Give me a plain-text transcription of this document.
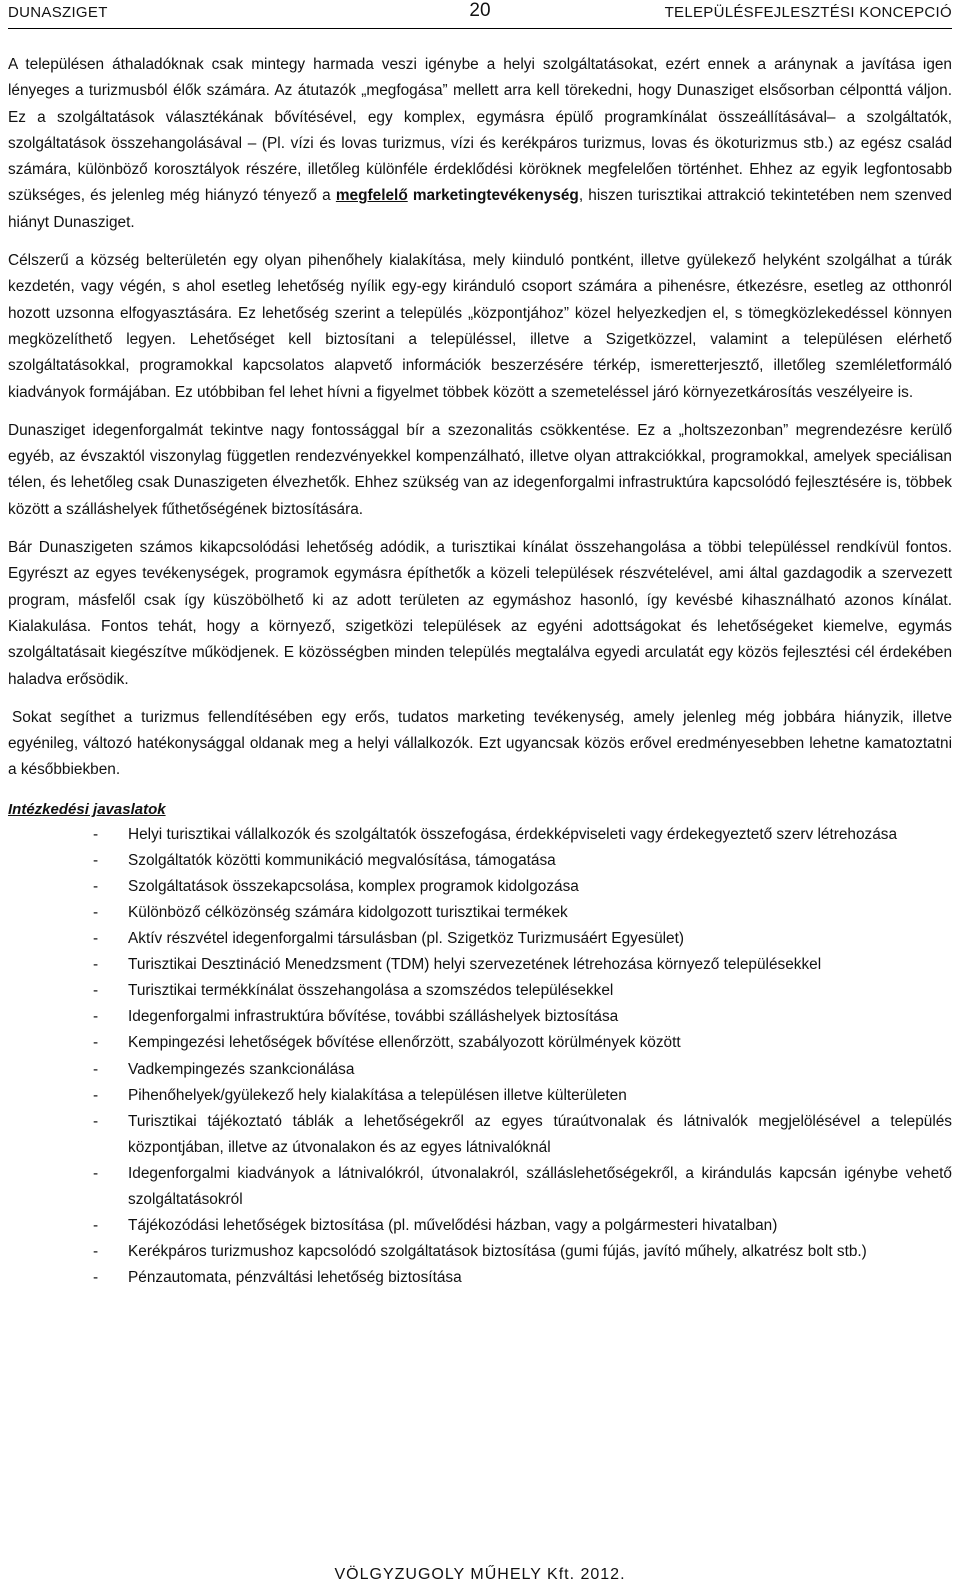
DUNASZIGET	20	TELEPÜLÉSFEJLESZTÉSI KONCEPCIÓ

A településen áthaladóknak csak mintegy harmada veszi igénybe a helyi szolgáltatásokat, ezért ennek a aránynak a javítása igen lényeges a turizmusból élők számára. Az átutazók „megfogása” mellett arra kell törekedni, hogy Dunasziget elsősorban célponttá váljon. Ez a szolgáltatások választékának bővítésével, egy komplex, egymásra épülő programkínálat összeállításával– a szolgáltatók, szolgáltatások összehangolásával – (Pl. vízi és lovas turizmus, vízi és kerékpáros turizmus, lovas és ökoturizmus stb.) az egész család számára, különböző korosztályok részére, illetőleg különféle érdeklődési köröknek megfelelően történhet. Ehhez az egyik legfontosabb szükséges, és jelenleg még hiányzó tényező a megfelelő marketingtevékenység, hiszen turisztikai attrakció tekintetében nem szenved hiányt Dunasziget.

Célszerű a község belterületén egy olyan pihenőhely kialakítása, mely kiinduló pontként, illetve gyülekező helyként szolgálhat a túrák kezdetén, vagy végén, s ahol esetleg lehetőség nyílik egy-egy kiránduló csoport számára a pihenésre, étkezésre, esetleg az otthonról hozott uzsonna elfogyasztására. Ez lehetőség szerint a település „központjához” közel helyezkedjen el, s tömegközlekedéssel könnyen megközelíthető legyen. Lehetőséget kell biztosítani a településsel, illetve a Szigetközzel, valamint a településen elérhető szolgáltatásokkal, programokkal kapcsolatos alapvető információk beszerzésére térkép, ismeretterjesztő, illetőleg szemléletformáló kiadványok formájában. Ez utóbbiban fel lehet hívni a figyelmet többek között a szemeteléssel járó környezetkárosítás veszélyeire is.

Dunasziget idegenforgalmát tekintve nagy fontossággal bír a szezonalitás csökkentése. Ez a „holtszezonban” megrendezésre kerülő egyéb, az évszaktól viszonylag független rendezvényekkel kompenzálható, illetve olyan attrakciókkal, programokkal, amelyek speciálisan télen, és lehetőleg csak Dunaszigeten élvezhetők. Ehhez szükség van az idegenforgalmi infrastruktúra kapcsolódó fejlesztésére is, többek között a szálláshelyek fűthetőségének biztosítására.

Bár Dunaszigeten számos kikapcsolódási lehetőség adódik, a turisztikai kínálat összehangolása a többi településsel rendkívül fontos. Egyrészt az egyes tevékenységek, programok egymásra építhetők a közeli települések részvételével, ami által gazdagodik a szervezett program, másfelől csak így küszöbölhető ki az adott területen az egymáshoz hasonló, így kevésbé kihasználható azonos kínálat. Kialakulása. Fontos tehát, hogy a környező, szigetközi települések az egyéni adottságokat és lehetőségeket kiemelve, egymás szolgáltatásait kiegészítve működjenek. E közösségben minden település megtalálva egyedi arculatát egy közös fejlesztési cél érdekében haladva erősödik.

Sokat segíthet a turizmus fellendítésében egy erős, tudatos marketing tevékenység, amely jelenleg még jobbára hiányzik, illetve egyénileg, változó hatékonysággal oldanak meg a helyi vállalkozók. Ezt ugyancsak közös erővel eredményesebben lehetne kamatoztatni a későbbiekben.

Intézkedési javaslatok
- Helyi turisztikai vállalkozók és szolgáltatók összefogása, érdekképviseleti vagy érdekegyeztető szerv létrehozása
- Szolgáltatók közötti kommunikáció megvalósítása, támogatása
- Szolgáltatások összekapcsolása, komplex programok kidolgozása
- Különböző célközönség számára kidolgozott turisztikai termékek
- Aktív részvétel idegenforgalmi társulásban (pl. Szigetköz Turizmusáért Egyesület)
- Turisztikai Desztináció Menedzsment (TDM) helyi szervezetének létrehozása környező településekkel
- Turisztikai termékkínálat összehangolása a szomszédos településekkel
- Idegenforgalmi infrastruktúra bővítése, további szálláshelyek biztosítása
- Kempingezési lehetőségek bővítése ellenőrzött, szabályozott körülmények között
- Vadkempingezés szankcionálása
- Pihenőhelyek/gyülekező hely kialakítása a településen illetve külterületen
- Turisztikai tájékoztató táblák a lehetőségekről az egyes túraútvonalak és látnivalók megjelölésével a település központjában, illetve az útvonalakon és az egyes látnivalóknál
- Idegenforgalmi kiadványok a látnivalókról, útvonalakról, szálláslehetőségekről, a kirándulás kapcsán igénybe vehető szolgáltatásokról
- Tájékozódási lehetőségek biztosítása (pl. művelődési házban, vagy a polgármesteri hivatalban)
- Kerékpáros turizmushoz kapcsolódó szolgáltatások biztosítása (gumi fújás, javító műhely, alkatrész bolt stb.)
- Pénzautomata, pénzváltási lehetőség biztosítása
VÖLGYZUGOLY MŰHELY Kft. 2012.
